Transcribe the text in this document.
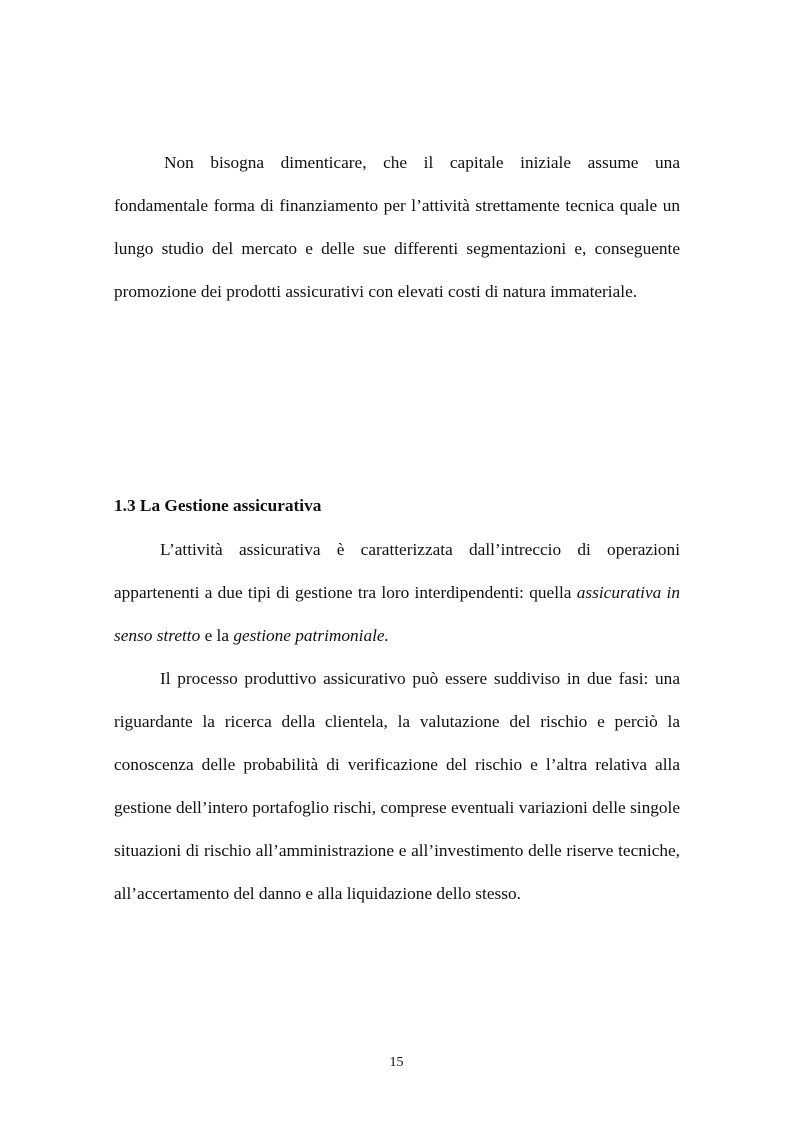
Non bisogna dimenticare, che il capitale iniziale assume una fondamentale forma di finanziamento per l’attività strettamente tecnica quale un lungo studio del mercato e delle sue differenti segmentazioni e, conseguente promozione dei prodotti assicurativi con elevati costi di natura immateriale.

1.3 La Gestione assicurativa

L’attività assicurativa è caratterizzata dall’intreccio di operazioni appartenenti a due tipi di gestione tra loro interdipendenti: quella assicurativa in senso stretto e la gestione patrimoniale.

Il processo produttivo assicurativo può essere suddiviso in due fasi: una riguardante la ricerca della clientela, la valutazione del rischio e perciò la conoscenza delle probabilità di verificazione del rischio e l’altra relativa alla gestione dell’intero portafoglio rischi, comprese eventuali variazioni delle singole situazioni di rischio all’amministrazione e all’investimento delle riserve tecniche, all’accertamento del danno e alla liquidazione dello stesso.

15
